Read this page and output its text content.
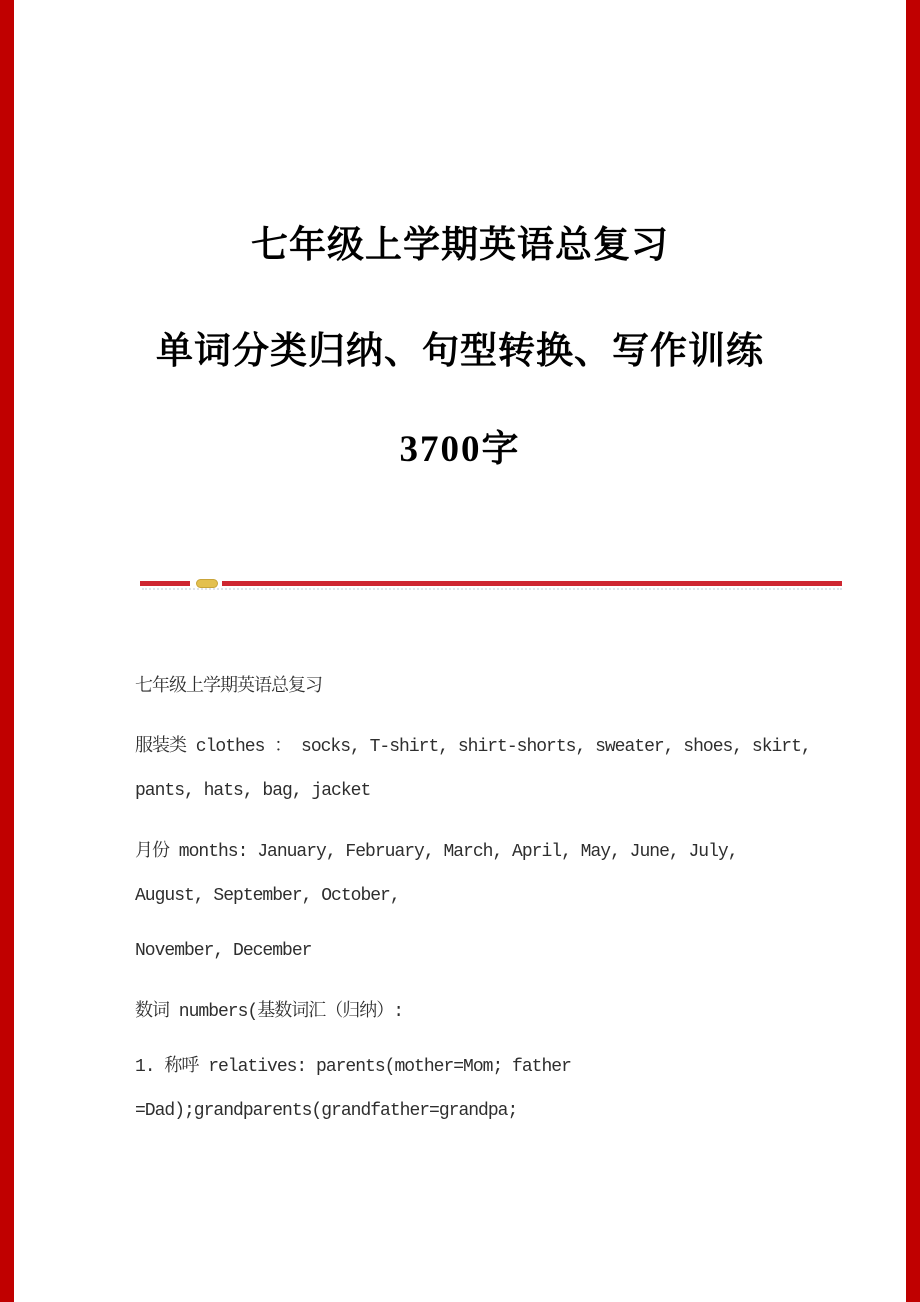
七年级上学期英语总复习
单词分类归纳、句型转换、写作训练
3700字
七年级上学期英语总复习
服装类 clothes ： socks, T-shirt, shirt-shorts, sweater, shoes, skirt,
pants, hats, bag, jacket
月份 months: January, February, March, April, May, June, July,
August, September, October,
November, December
数词 numbers(基数词汇（归纳）:
1. 称呼 relatives: parents(mother=Mom; father
=Dad);grandparents(grandfather=grandpa;
